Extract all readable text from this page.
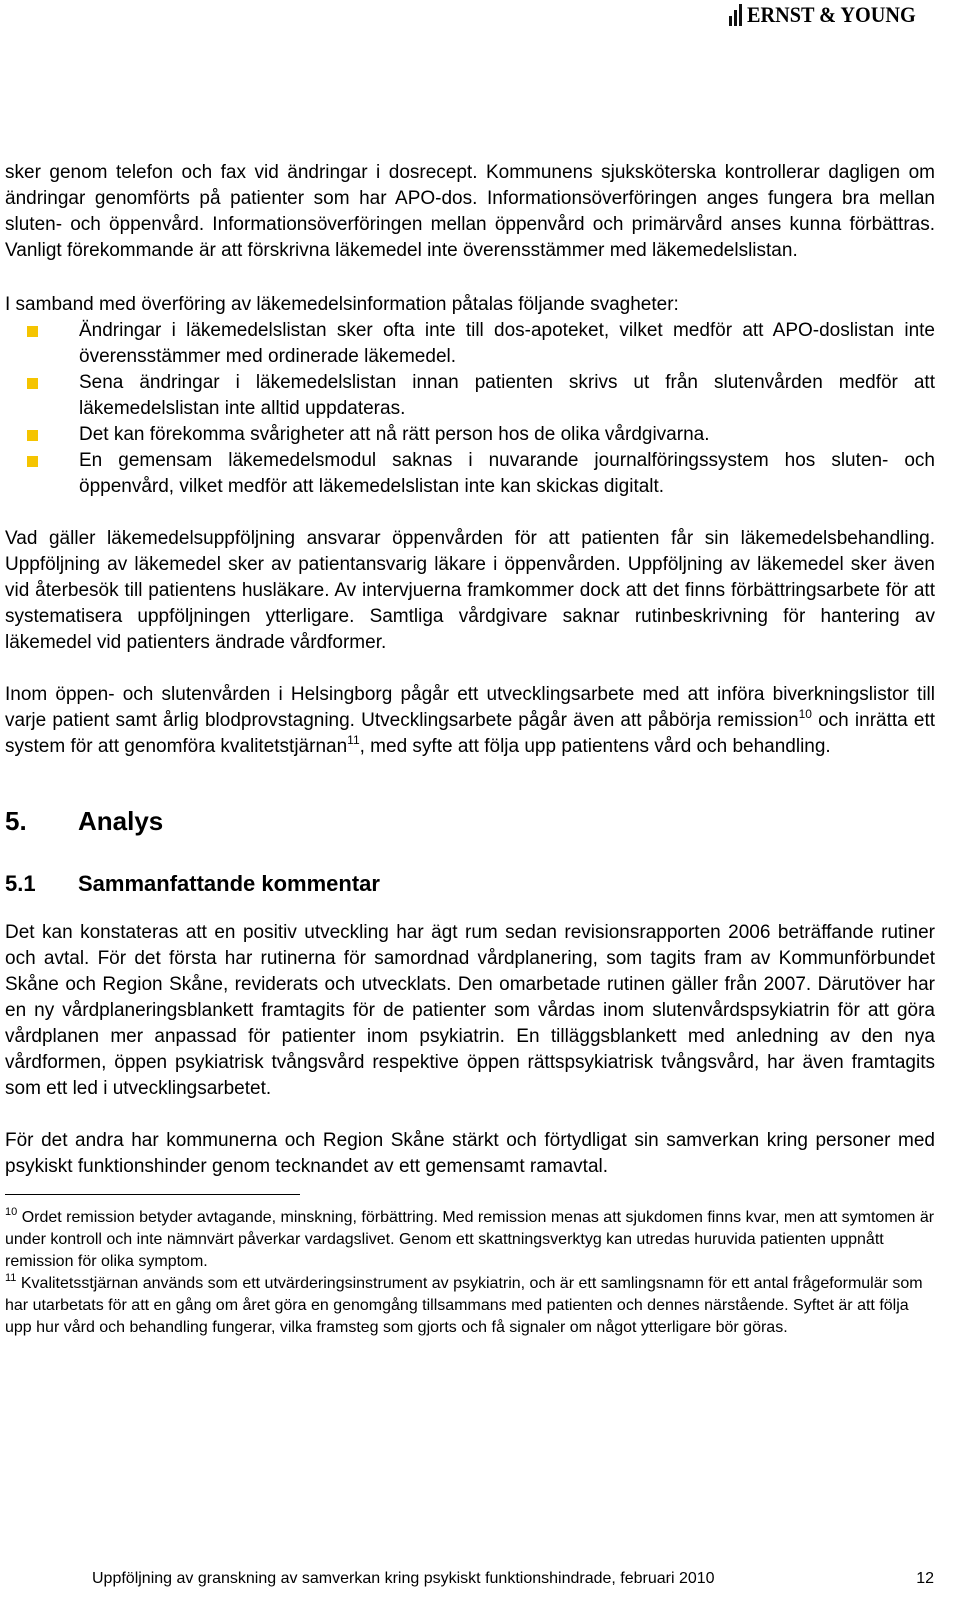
ERNST & YOUNG

sker genom telefon och fax vid ändringar i dosrecept. Kommunens sjuksköterska kontrollerar dagligen om ändringar genomförts på patienter som har APO-dos. Informationsöverföringen anges fungera bra mellan sluten- och öppenvård. Informationsöverföringen mellan öppenvård och primärvård anses kunna förbättras. Vanligt förekommande är att förskrivna läkemedel inte överensstämmer med läkemedelslistan.

I samband med överföring av läkemedelsinformation påtalas följande svagheter:

Ändringar i läkemedelslistan sker ofta inte till dos-apoteket, vilket medför att APO-doslistan inte överensstämmer med ordinerade läkemedel.
Sena ändringar i läkemedelslistan innan patienten skrivs ut från slutenvården medför att läkemedelslistan inte alltid uppdateras.
Det kan förekomma svårigheter att nå rätt person hos de olika vårdgivarna.
En gemensam läkemedelsmodul saknas i nuvarande journalföringssystem hos sluten- och öppenvård, vilket medför att läkemedelslistan inte kan skickas digitalt.

Vad gäller läkemedelsuppföljning ansvarar öppenvården för att patienten får sin läkemedelsbehandling. Uppföljning av läkemedel sker av patientansvarig läkare i öppenvården. Uppföljning av läkemedel sker även vid återbesök till patientens husläkare. Av intervjuerna framkommer dock att det finns förbättringsarbete för att systematisera uppföljningen ytterligare. Samtliga vårdgivare saknar rutinbeskrivning för hantering av läkemedel vid patienters ändrade vårdformer.

Inom öppen- och slutenvården i Helsingborg pågår ett utvecklingsarbete med att införa biverkningslistor till varje patient samt årlig blodprovstagning. Utvecklingsarbete pågår även att påbörja remission$^{10}$ och inrätta ett system för att genomföra kvalitetstjärnan$^{11}$, med syfte att följa upp patientens vård och behandling.

5. Analys
5.1 Sammanfattande kommentar

Det kan konstateras att en positiv utveckling har ägt rum sedan revisionsrapporten 2006 beträffande rutiner och avtal. För det första har rutinerna för samordnad vårdplanering, som tagits fram av Kommunförbundet Skåne och Region Skåne, reviderats och utvecklats. Den omarbetade rutinen gäller från 2007. Därutöver har en ny vårdplaneringsblankett framtagits för de patienter som vårdas inom slutenvårdspsykiatrin för att göra vårdplanen mer anpassad för patienter inom psykiatrin. En tilläggsblankett med anledning av den nya vårdformen, öppen psykiatrisk tvångsvård respektive öppen rättspsykiatrisk tvångsvård, har även framtagits som ett led i utvecklingsarbetet.

För det andra har kommunerna och Region Skåne stärkt och förtydligat sin samverkan kring personer med psykiskt funktionshinder genom tecknandet av ett gemensamt ramavtal.

$^{10}$ Ordet remission betyder avtagande, minskning, förbättring. Med remission menas att sjukdomen finns kvar, men att symtomen är under kontroll och inte nämnvärt påverkar vardagslivet. Genom ett skattningsverktyg kan utredas huruvida patienten uppnått remission för olika symptom.

$^{11}$ Kvalitetsstjärnan används som ett utvärderingsinstrument av psykiatrin, och är ett samlingsnamn för ett antal frågeformulär som har utarbetats för att en gång om året göra en genomgång tillsammans med patienten och dennes närstående. Syftet är att följa upp hur vård och behandling fungerar, vilka framsteg som gjorts och få signaler om något ytterligare bör göras.

Uppföljning av granskning av samverkan kring psykiskt funktionshindrade, februari 2010	12
